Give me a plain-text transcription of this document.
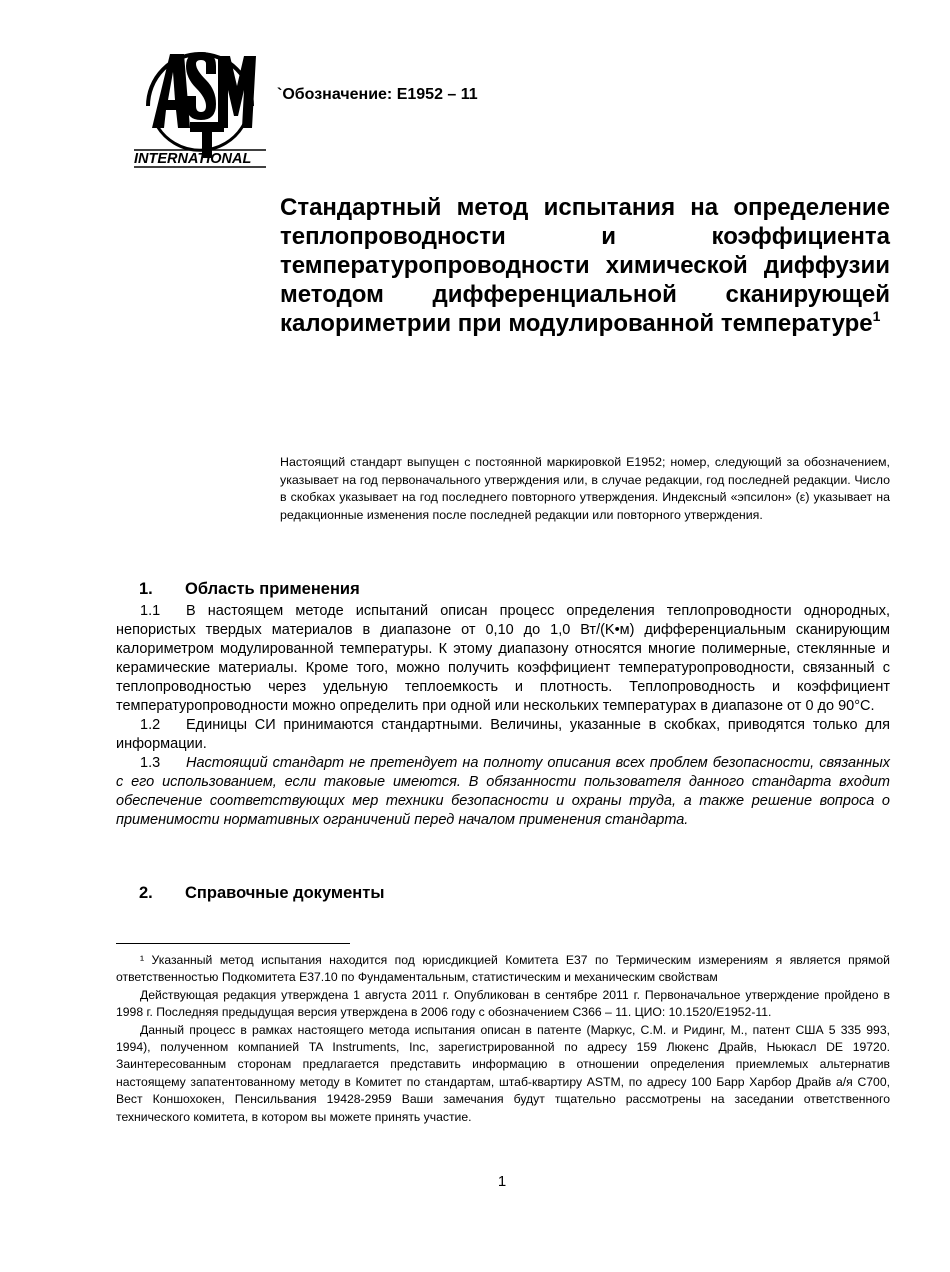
INTERNATIONAL
`Обозначение: E1952 – 11
Стандартный метод испытания на определение теплопроводности и коэффициента температуропроводности химической диффузии методом дифференциальной сканирующей калориметрии при модулированной температуре$^1$

Настоящий стандарт выпущен с постоянной маркировкой E1952; номер, следующий за обозначением, указывает на год первоначального утверждения или, в случае редакции, год последней редакции. Число в скобках указывает на год последнего повторного утверждения. Индексный «эпсилон» (ε) указывает на редакционные изменения после последней редакции или повторного утверждения.

1. Область применения

1.1 В настоящем методе испытаний описан процесс определения теплопроводности однородных, непористых твердых материалов в диапазоне от 0,10 до 1,0 Вт/(K•м) дифференциальным сканирующим калориметром модулированной температуры. К этому диапазону относятся многие полимерные, стеклянные и керамические материалы. Кроме того, можно получить коэффициент температуропроводности, связанный с теплопроводностью через удельную теплоемкость и плотность. Теплопроводность и коэффициент температуропроводности можно определить при одной или нескольких температурах в диапазоне от 0 до 90°C.

1.2 Единицы СИ принимаются стандартными. Величины, указанные в скобках, приводятся только для информации.

1.3 Настоящий стандарт не претендует на полноту описания всех проблем безопасности, связанных с его использованием, если таковые имеются. В обязанности пользователя данного стандарта входит обеспечение соответствующих мер техники безопасности и охраны труда, а также решение вопроса о применимости нормативных ограничений перед началом применения стандарта.

2. Справочные документы

¹ Указанный метод испытания находится под юрисдикцией Комитета E37 по Термическим измерениям я является прямой ответственностью Подкомитета E37.10 по Фундаментальным, статистическим и механическим свойствам

Действующая редакция утверждена 1 августа 2011 г. Опубликован в сентябре 2011 г. Первоначальное утверждение пройдено в 1998 г. Последняя предыдущая версия утверждена в 2006 году с обозначением C366 – 11. ЦИО: 10.1520/E1952-11.

Данный процесс в рамках настоящего метода испытания описан в патенте (Маркус, С.М. и Ридинг, М., патент США 5 335 993, 1994), полученном компанией TA Instruments, Inc, зарегистрированной по адресу 159 Люкенс Драйв, Ньюкасл DE 19720. Заинтересованным сторонам предлагается представить информацию в отношении определения приемлемых альтернатив настоящему запатентованному методу в Комитет по стандартам, штаб-квартиру ASTM, по адресу 100 Барр Харбор Драйв а/я C700, Вест Коншохокен, Пенсильвания 19428-2959 Ваши замечания будут тщательно рассмотрены на заседании ответственного технического комитета, в котором вы можете принять участие.

1
